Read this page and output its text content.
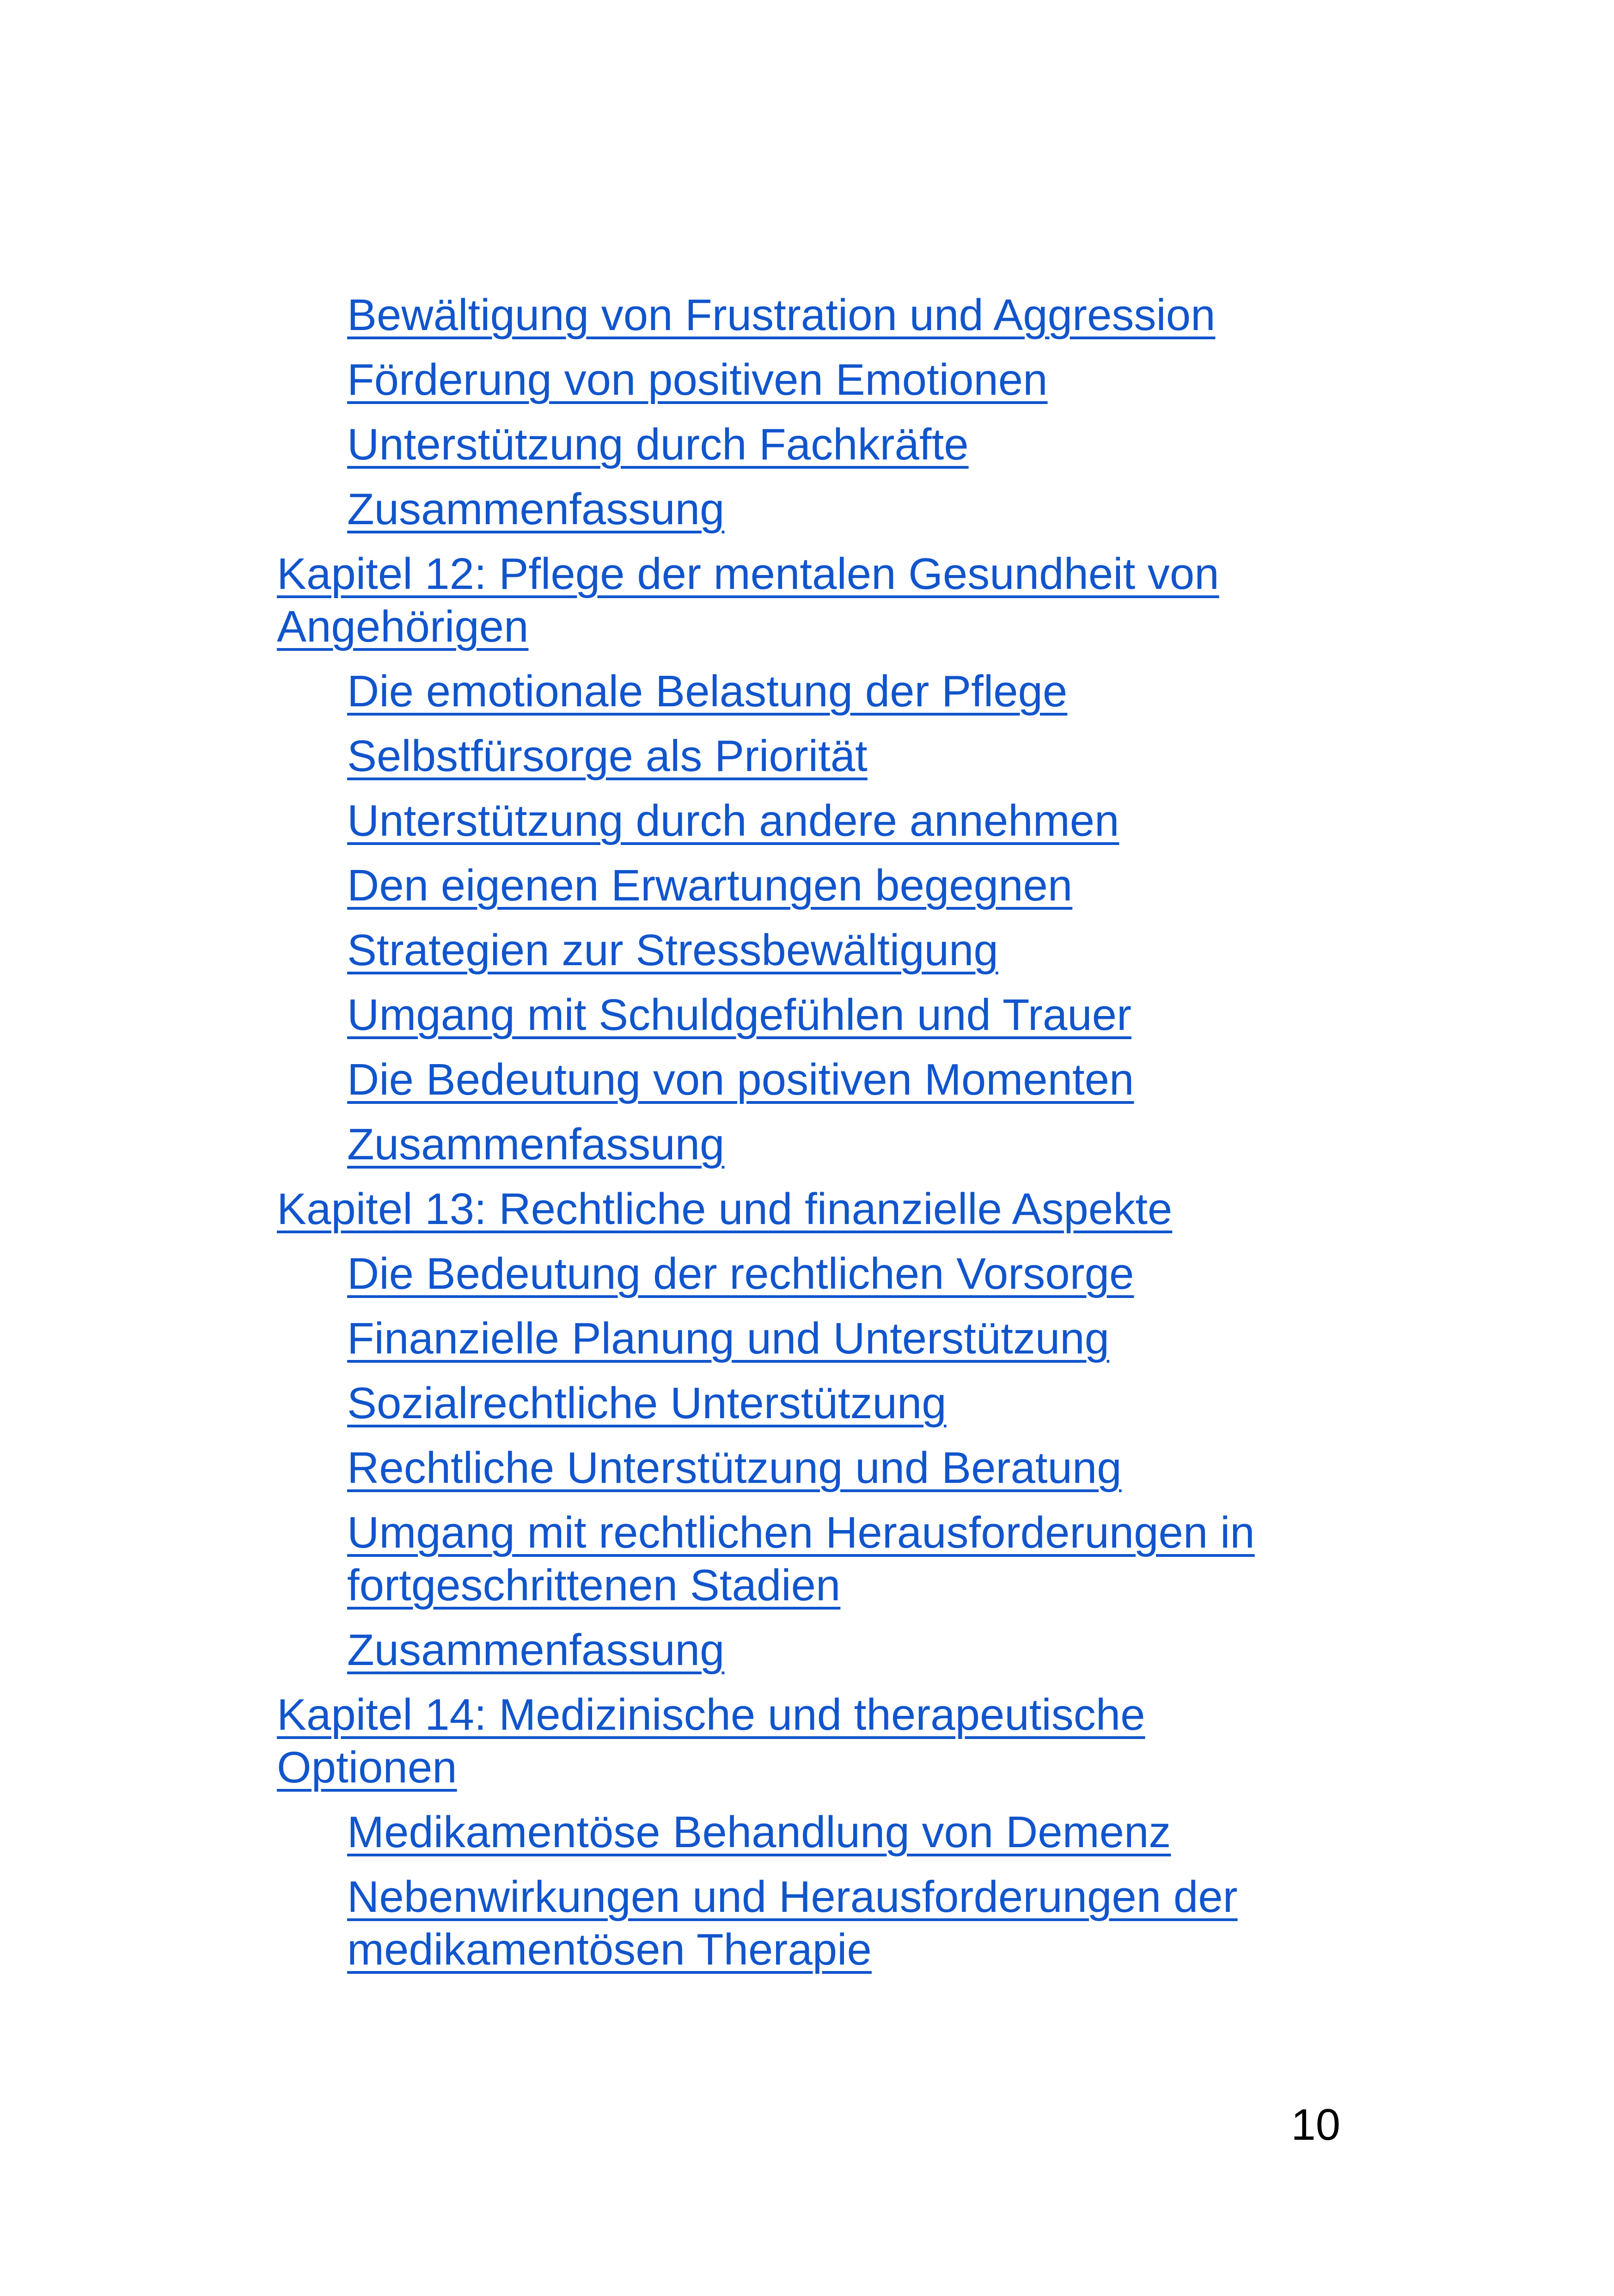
Bewältigung von Frustration und Aggression
Förderung von positiven Emotionen
Unterstützung durch Fachkräfte
Zusammenfassung
Kapitel 12: Pflege der mentalen Gesundheit von
Angehörigen
Die emotionale Belastung der Pflege
Selbstfürsorge als Priorität
Unterstützung durch andere annehmen
Den eigenen Erwartungen begegnen
Strategien zur Stressbewältigung
Umgang mit Schuldgefühlen und Trauer
Die Bedeutung von positiven Momenten
Zusammenfassung
Kapitel 13: Rechtliche und finanzielle Aspekte
Die Bedeutung der rechtlichen Vorsorge
Finanzielle Planung und Unterstützung
Sozialrechtliche Unterstützung
Rechtliche Unterstützung und Beratung
Umgang mit rechtlichen Herausforderungen in
fortgeschrittenen Stadien
Zusammenfassung
Kapitel 14: Medizinische und therapeutische
Optionen
Medikamentöse Behandlung von Demenz
Nebenwirkungen und Herausforderungen der
medikamentösen Therapie
10
